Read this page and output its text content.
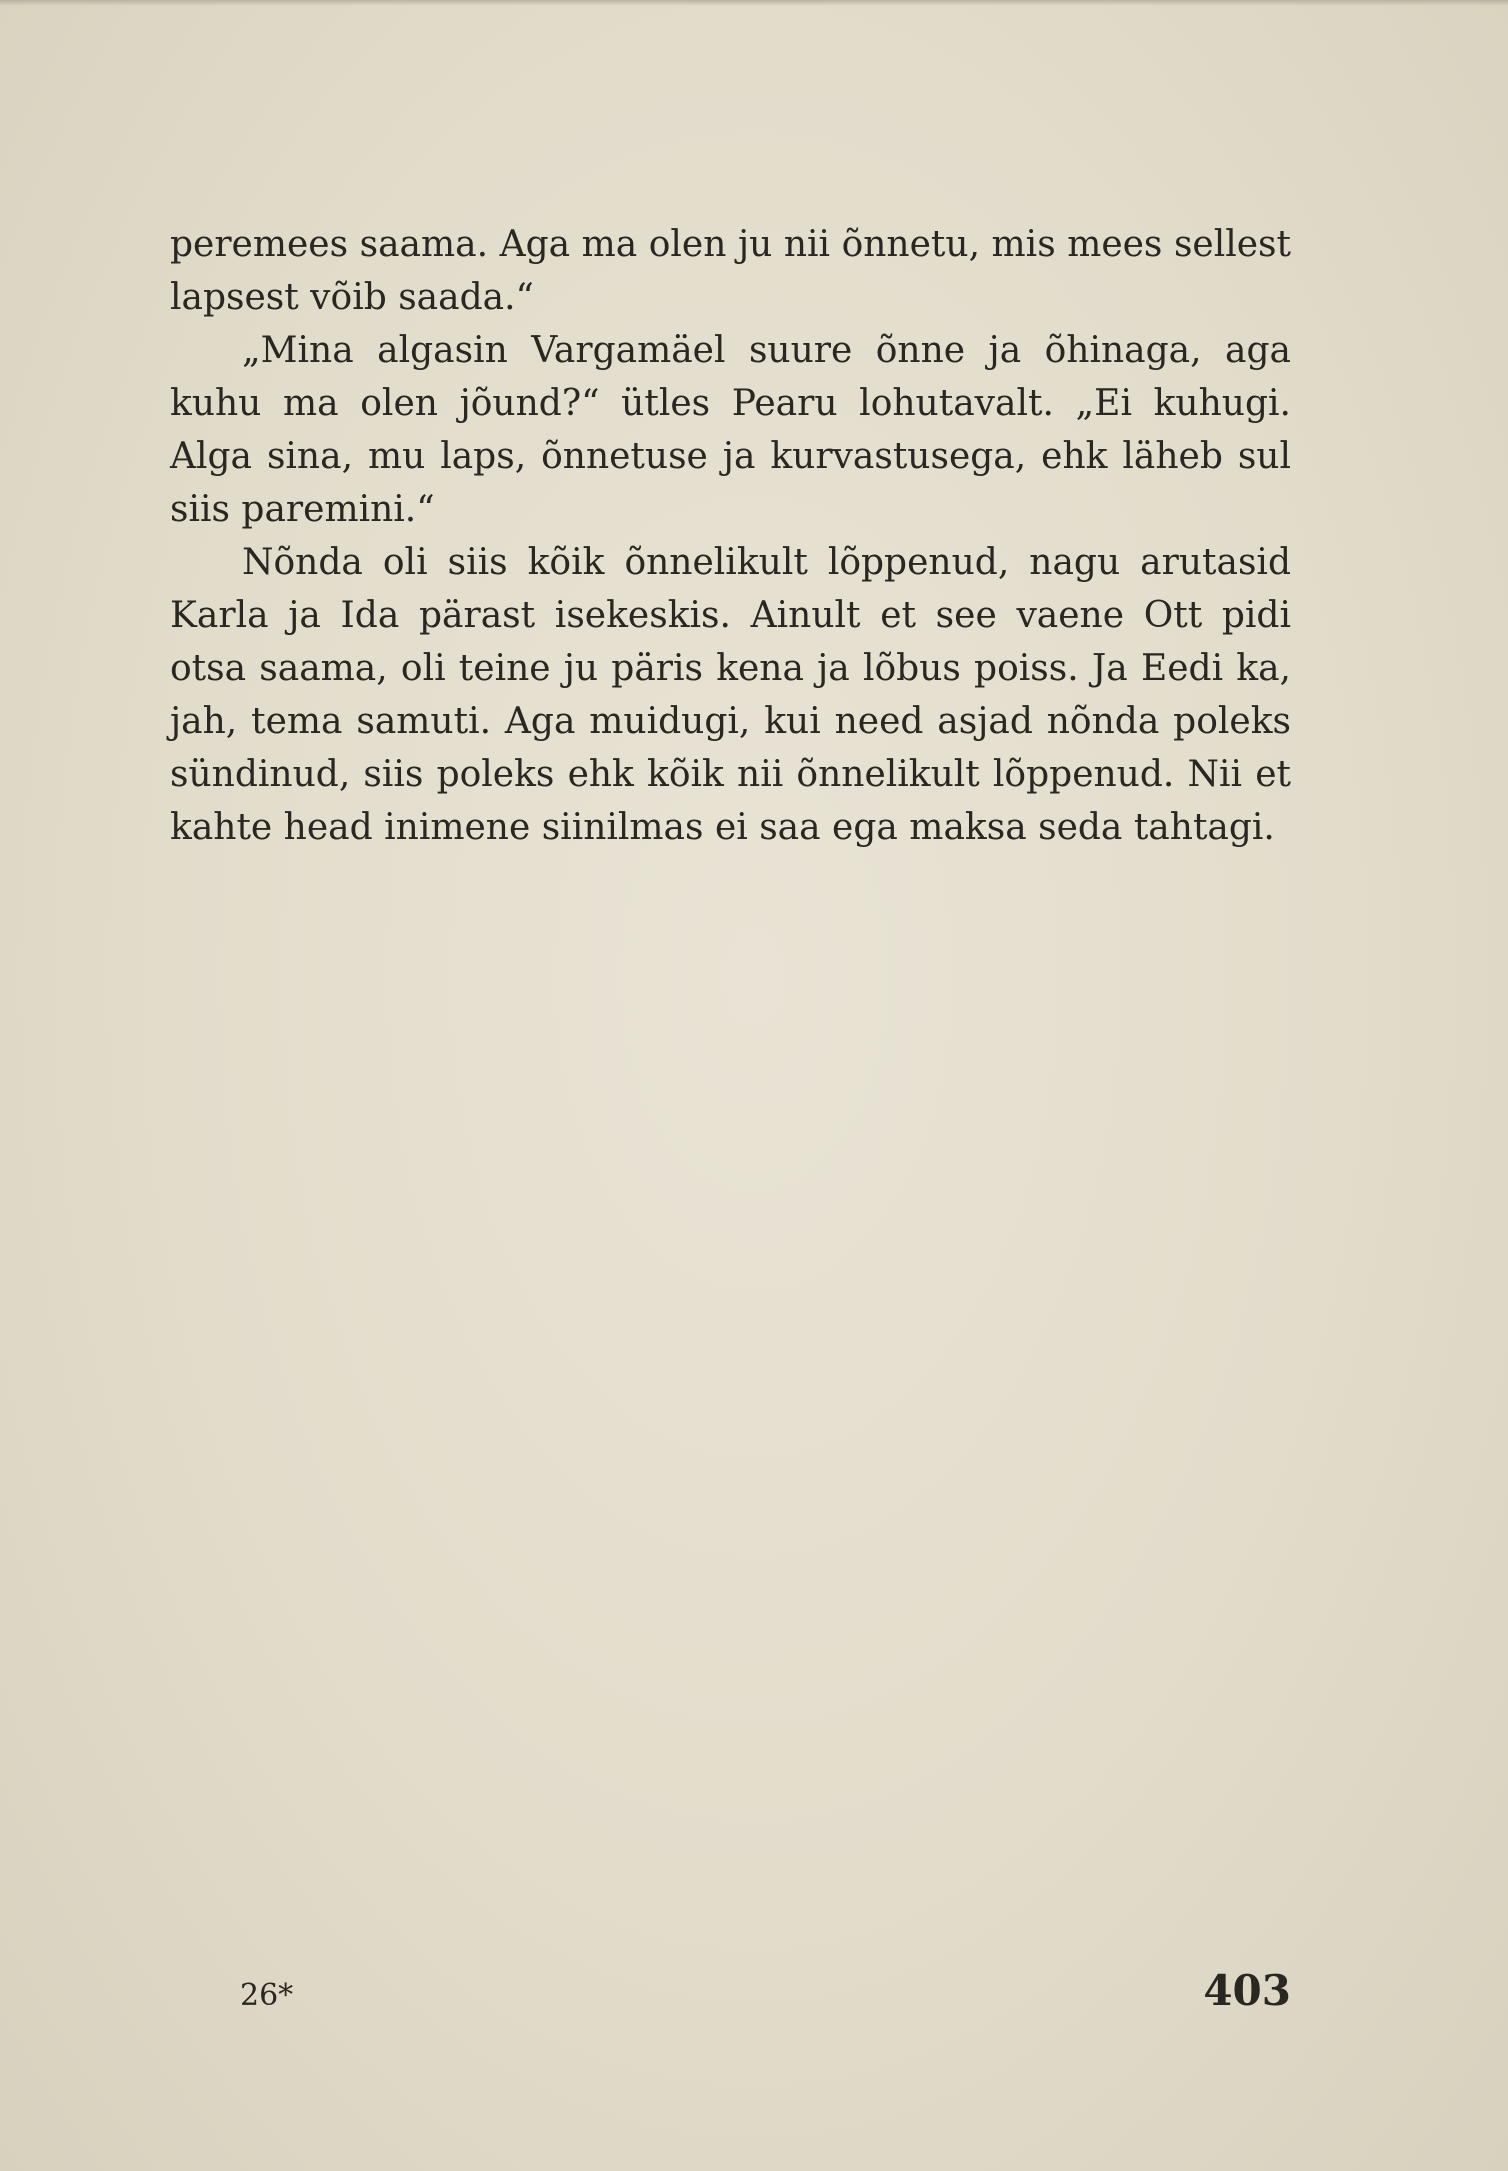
peremees saama. Aga ma olen ju nii õnnetu, mis mees sellest lapsest võib saada.“

„Mina algasin Vargamäel suure õnne ja õhinaga, aga kuhu ma olen jõund?“ ütles Pearu lohutavalt. „Ei kuhugi. Alga sina, mu laps, õnnetuse ja kurvastusega, ehk läheb sul siis paremini.“

Nõnda oli siis kõik õnnelikult lõppenud, nagu arutasid Karla ja Ida pärast isekeskis. Ainult et see vaene Ott pidi otsa saama, oli teine ju päris kena ja lõbus poiss. Ja Eedi ka, jah, tema samuti. Aga muidugi, kui need asjad nõnda poleks sündinud, siis poleks ehk kõik nii õnnelikult lõppenud. Nii et kahte head inimene siinilmas ei saa ega maksa seda tahtagi.

26*	403
